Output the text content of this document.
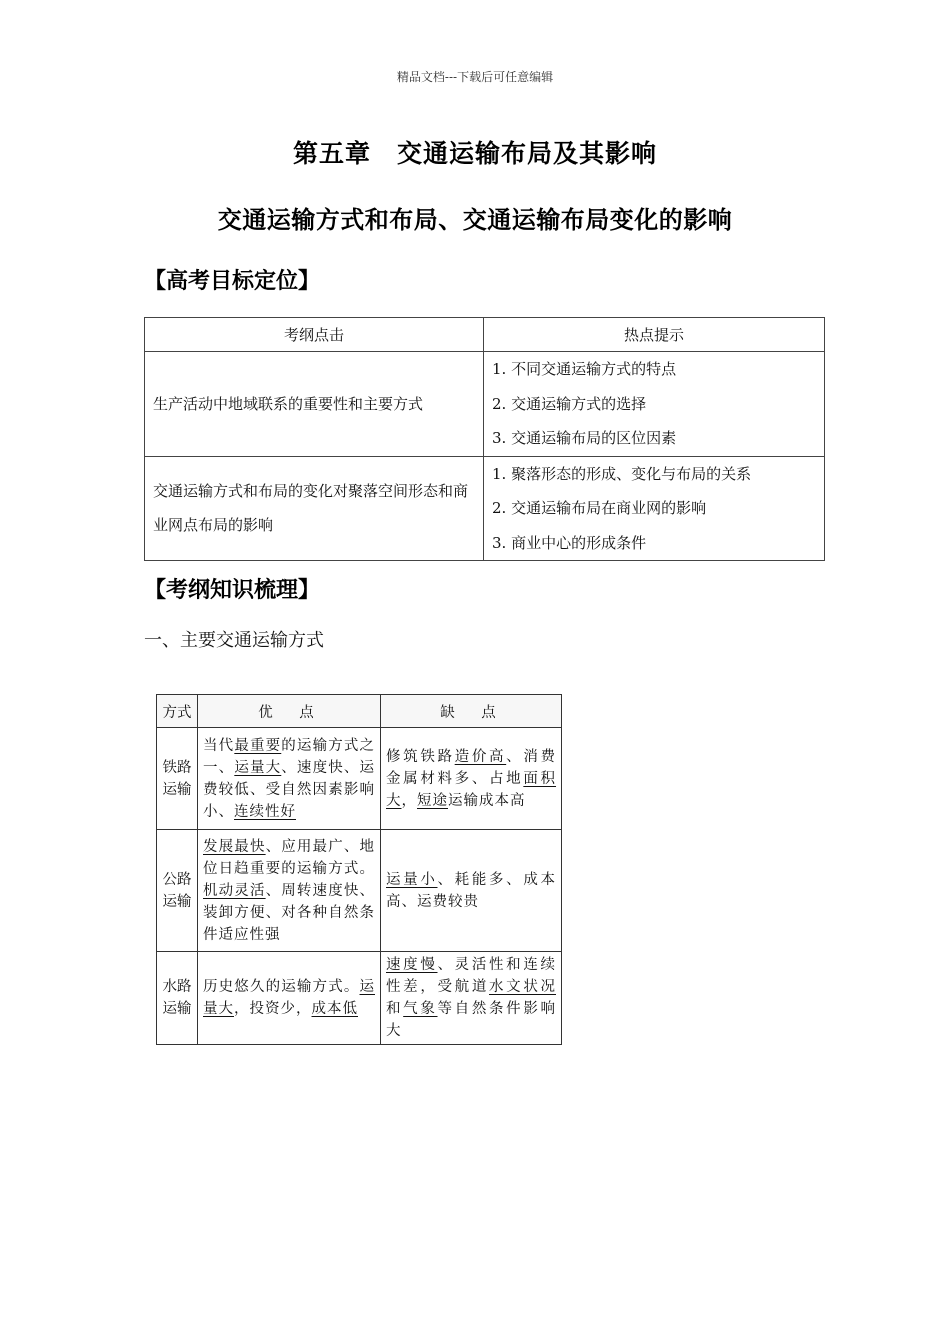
精品文档---下载后可任意编辑
第五章　交通运输布局及其影响
交通运输方式和布局、交通运输布局变化的影响
【高考目标定位】
考纲点击	热点提示
生产活动中地域联系的重要性和主要方式	1. 不同交通运输方式的特点
2. 交通运输方式的选择
3. 交通运输布局的区位因素

交通运输方式和布局的变化对聚落空间形态和商业网点布局的影响	1. 聚落形态的形成、变化与布局的关系
2. 交通运输布局在商业网的影响
3. 商业中心的形成条件
【考纲知识梳理】

一、主要交通运输方式

方式	优　点	缺　点

铁路
运输	当代最重要的运输方式之一、运量大、速度快、运费较低、受自然因素影响小、连续性好	修筑铁路造价高、消费金属材料多、占地面积大，短途运输成本高

公路
运输	发展最快、应用最广、地位日趋重要的运输方式。机动灵活、周转速度快、装卸方便、对各种自然条件适应性强	运量小、耗能多、成本高、运费较贵

水路
运输	历史悠久的运输方式。运量大，投资少，成本低	速度慢、灵活性和连续性差，受航道水文状况和气象等自然条件影响大
